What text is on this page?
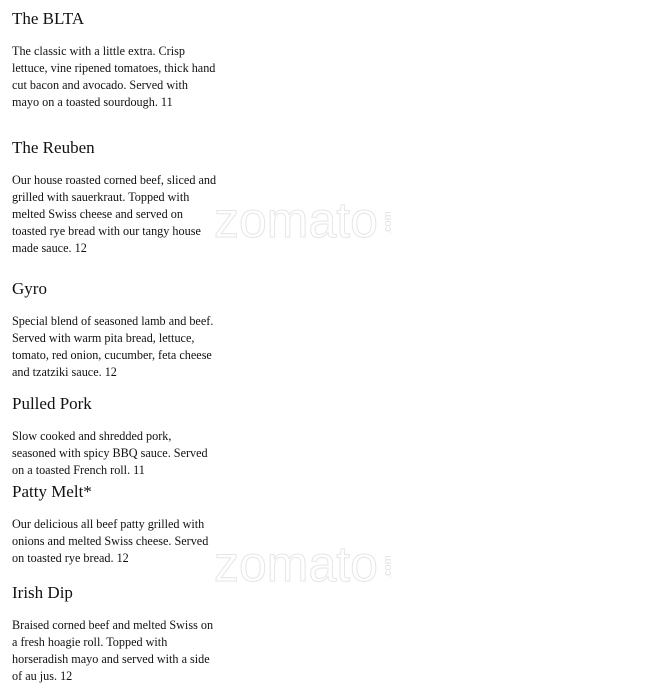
zomato .com
zomato .com
The BLTA

The classic with a little extra. Crisp lettuce, vine ripened tomatoes, thick hand cut bacon and avocado. Served with mayo on a toasted sourdough. 11

The Reuben

Our house roasted corned beef, sliced and grilled with sauerkraut. Topped with melted Swiss cheese and served on toasted rye bread with our tangy house made sauce. 12

Gyro

Special blend of seasoned lamb and beef. Served with warm pita bread, lettuce, tomato, red onion, cucumber, feta cheese and tzatziki sauce. 12

Pulled Pork

Slow cooked and shredded pork, seasoned with spicy BBQ sauce. Served on a toasted French roll. 11

Patty Melt*

Our delicious all beef patty grilled with onions and melted Swiss cheese. Served on toasted rye bread. 12

Irish Dip

Braised corned beef and melted Swiss on a fresh hoagie roll. Topped with horseradish mayo and served with a side of au jus. 12
